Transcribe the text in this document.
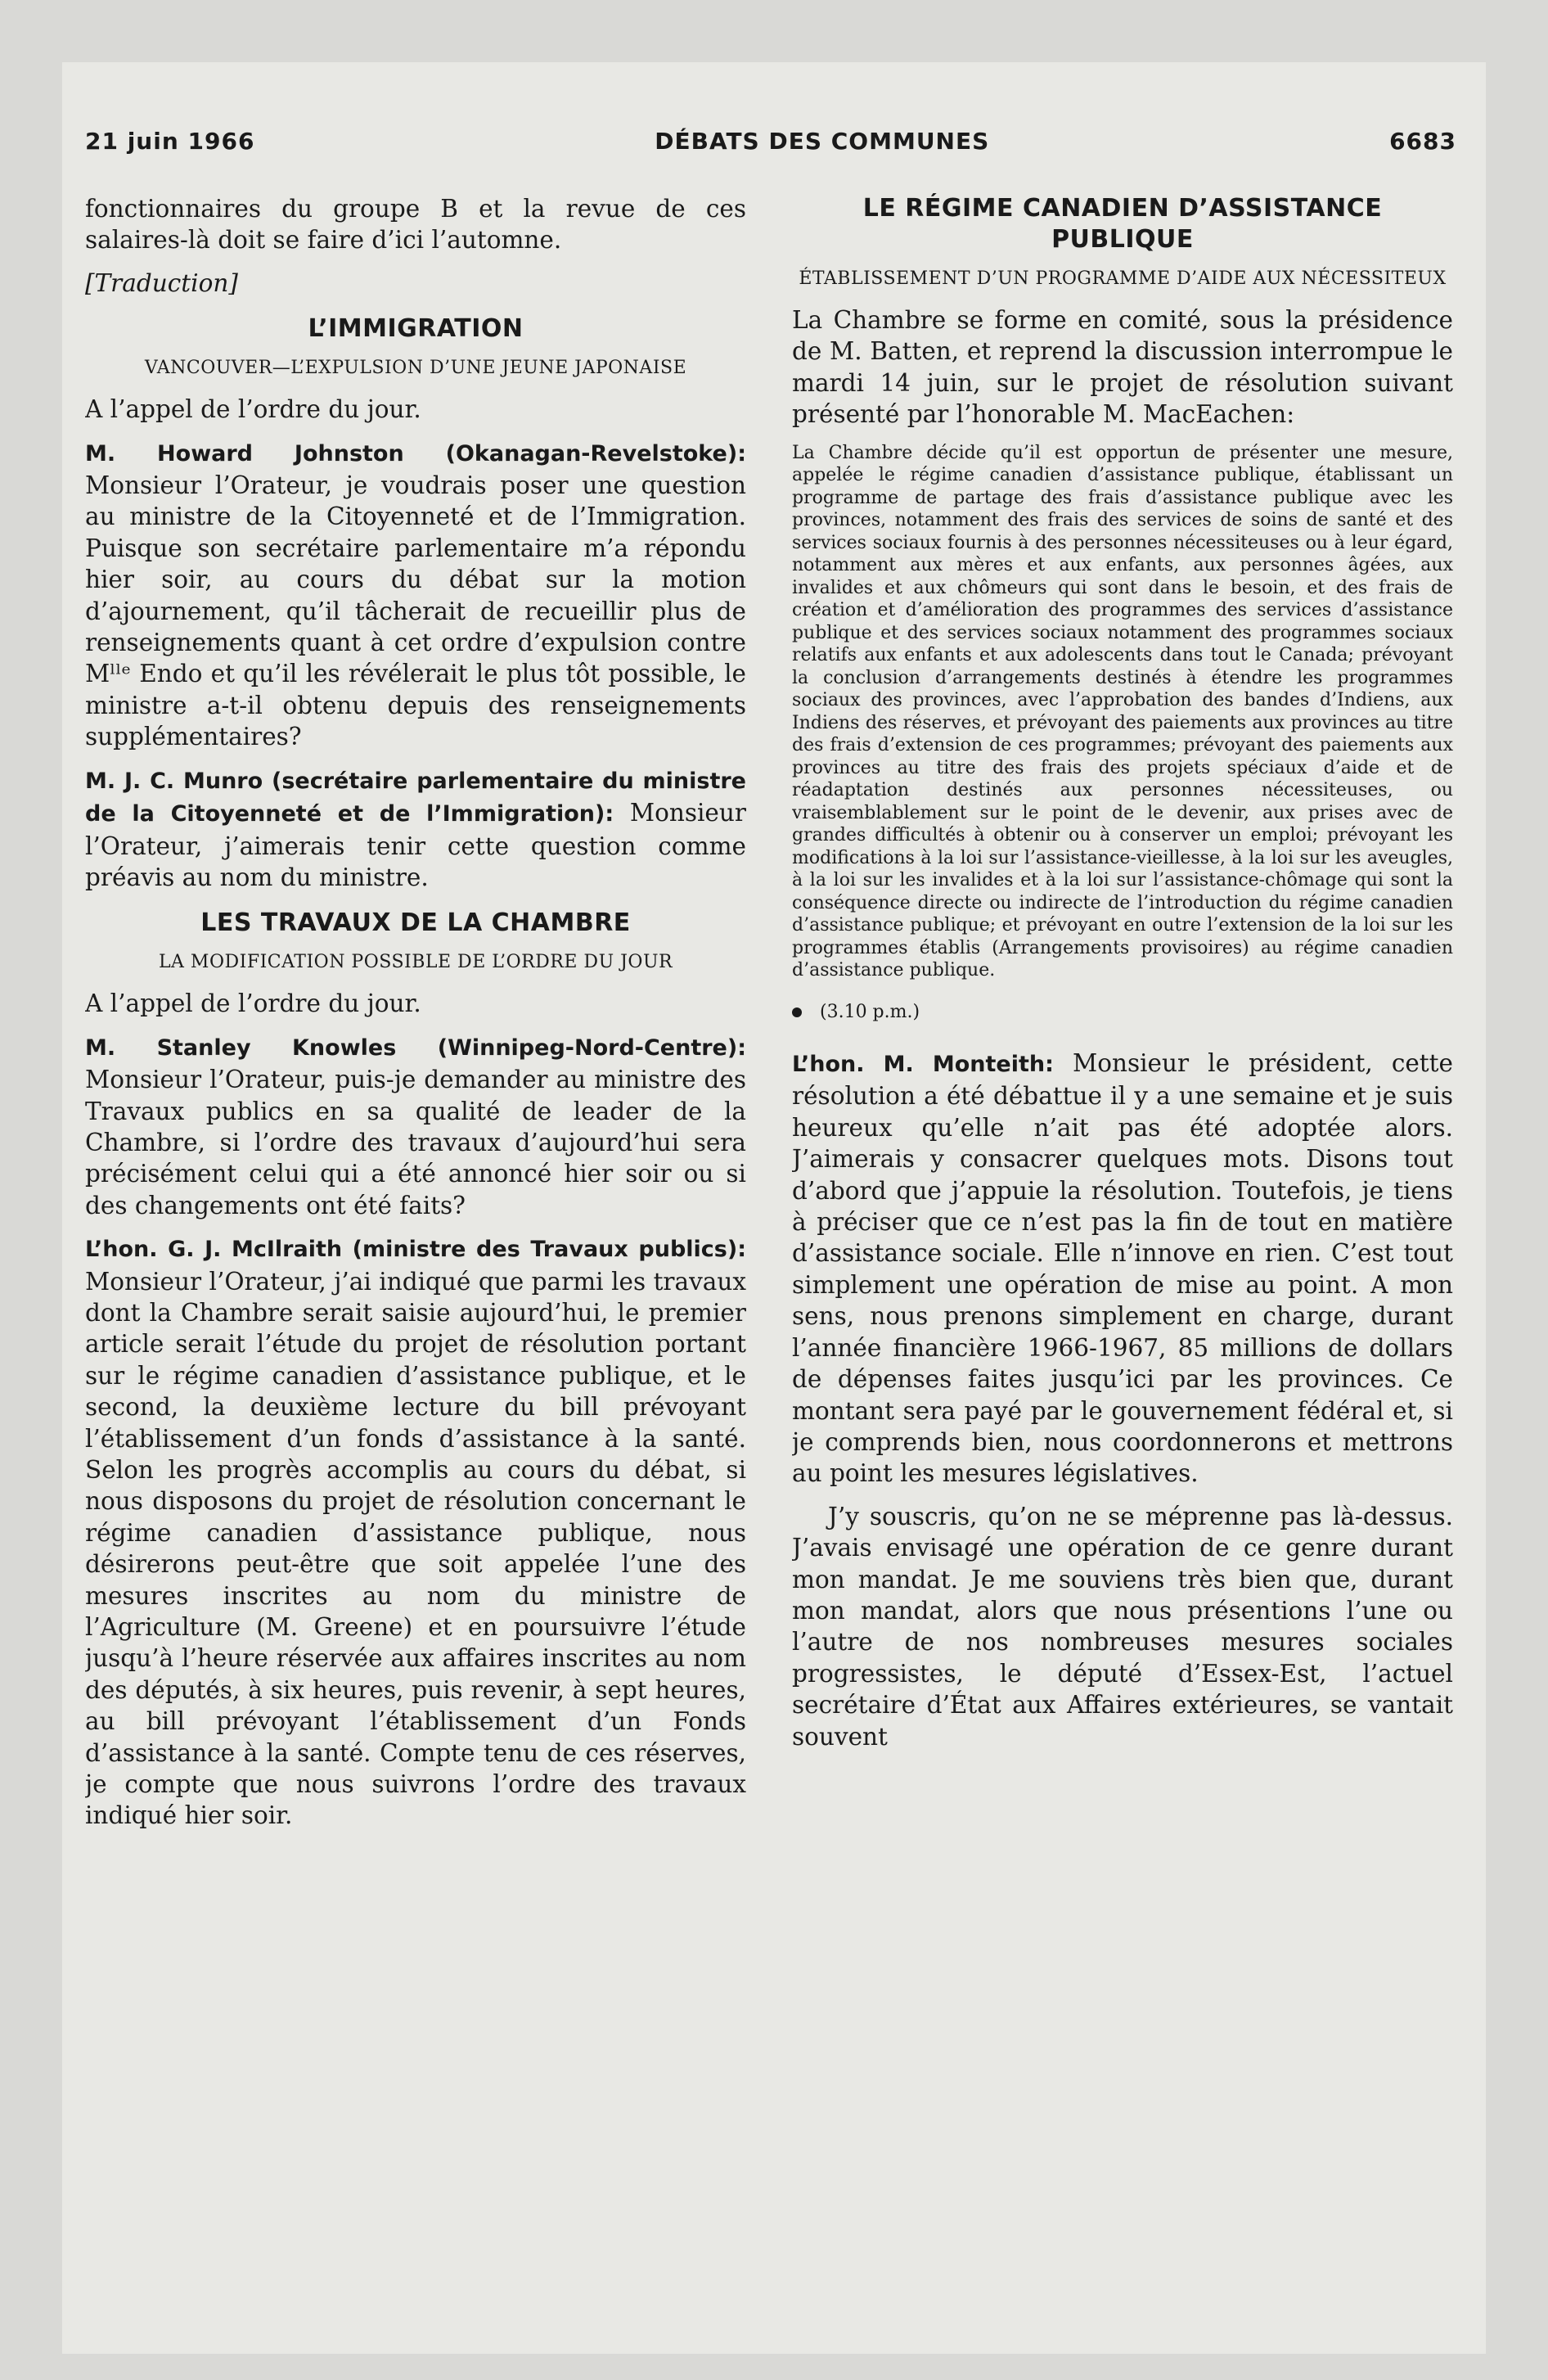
21 juin 1966	DÉBATS DES COMMUNES	6683

fonctionnaires du groupe B et la revue de ces salaires-là doit se faire d’ici l’automne.

[Traduction]
L’IMMIGRATION
VANCOUVER—L’EXPULSION D’UNE JEUNE JAPONAISE

A l’appel de l’ordre du jour.

M. Howard Johnston (Okanagan-Revelstoke): Monsieur l’Orateur, je voudrais poser une question au ministre de la Citoyenneté et de l’Immigration. Puisque son secrétaire parlementaire m’a répondu hier soir, au cours du débat sur la motion d’ajournement, qu’il tâcherait de recueillir plus de renseignements quant à cet ordre d’expulsion contre Mˡˡᵉ Endo et qu’il les révélerait le plus tôt possible, le ministre a-t-il obtenu depuis des renseignements supplémentaires?

M. J. C. Munro (secrétaire parlementaire du ministre de la Citoyenneté et de l’Immigration): Monsieur l’Orateur, j’aimerais tenir cette question comme préavis au nom du ministre.

LES TRAVAUX DE LA CHAMBRE
LA MODIFICATION POSSIBLE DE L’ORDRE DU JOUR

A l’appel de l’ordre du jour.

M. Stanley Knowles (Winnipeg-Nord-Centre): Monsieur l’Orateur, puis-je demander au ministre des Travaux publics en sa qualité de leader de la Chambre, si l’ordre des travaux d’aujourd’hui sera précisément celui qui a été annoncé hier soir ou si des changements ont été faits?

L’hon. G. J. McIlraith (ministre des Travaux publics): Monsieur l’Orateur, j’ai indiqué que parmi les travaux dont la Chambre serait saisie aujourd’hui, le premier article serait l’étude du projet de résolution portant sur le régime canadien d’assistance publique, et le second, la deuxième lecture du bill prévoyant l’établissement d’un fonds d’assistance à la santé. Selon les progrès accomplis au cours du débat, si nous disposons du projet de résolution concernant le régime canadien d’assistance publique, nous désirerons peut-être que soit appelée l’une des mesures inscrites au nom du ministre de l’Agriculture (M. Greene) et en poursuivre l’étude jusqu’à l’heure réservée aux affaires inscrites au nom des députés, à six heures, puis revenir, à sept heures, au bill prévoyant l’établissement d’un Fonds d’assistance à la santé. Compte tenu de ces réserves, je compte que nous suivrons l’ordre des travaux indiqué hier soir.

LE RÉGIME CANADIEN D’ASSISTANCE PUBLIQUE
ÉTABLISSEMENT D’UN PROGRAMME D’AIDE AUX NÉCESSITEUX

La Chambre se forme en comité, sous la présidence de M. Batten, et reprend la discussion interrompue le mardi 14 juin, sur le projet de résolution suivant présenté par l’honorable M. MacEachen:

La Chambre décide qu’il est opportun de présenter une mesure, appelée le régime canadien d’assistance publique, établissant un programme de partage des frais d’assistance publique avec les provinces, notamment des frais des services de soins de santé et des services sociaux fournis à des personnes nécessiteuses ou à leur égard, notamment aux mères et aux enfants, aux personnes âgées, aux invalides et aux chômeurs qui sont dans le besoin, et des frais de création et d’amélioration des programmes des services d’assistance publique et des services sociaux notamment des programmes sociaux relatifs aux enfants et aux adolescents dans tout le Canada; prévoyant la conclusion d’arrangements destinés à étendre les programmes sociaux des provinces, avec l’approbation des bandes d’Indiens, aux Indiens des réserves, et prévoyant des paiements aux provinces au titre des frais d’extension de ces programmes; prévoyant des paiements aux provinces au titre des frais des projets spéciaux d’aide et de réadaptation destinés aux personnes nécessiteuses, ou vraisemblablement sur le point de le devenir, aux prises avec de grandes difficultés à obtenir ou à conserver un emploi; prévoyant les modifications à la loi sur l’assistance-vieillesse, à la loi sur les aveugles, à la loi sur les invalides et à la loi sur l’assistance-chômage qui sont la conséquence directe ou indirecte de l’introduction du régime canadien d’assistance publique; et prévoyant en outre l’extension de la loi sur les programmes établis (Arrangements provisoires) au régime canadien d’assistance publique.
(3.10 p.m.)

L’hon. M. Monteith: Monsieur le président, cette résolution a été débattue il y a une semaine et je suis heureux qu’elle n’ait pas été adoptée alors. J’aimerais y consacrer quelques mots. Disons tout d’abord que j’appuie la résolution. Toutefois, je tiens à préciser que ce n’est pas la fin de tout en matière d’assistance sociale. Elle n’innove en rien. C’est tout simplement une opération de mise au point. A mon sens, nous prenons simplement en charge, durant l’année financière 1966-1967, 85 millions de dollars de dépenses faites jusqu’ici par les provinces. Ce montant sera payé par le gouvernement fédéral et, si je comprends bien, nous coordonnerons et mettrons au point les mesures législatives.

J’y souscris, qu’on ne se méprenne pas là-dessus. J’avais envisagé une opération de ce genre durant mon mandat. Je me souviens très bien que, durant mon mandat, alors que nous présentions l’une ou l’autre de nos nombreuses mesures sociales progressistes, le député d’Essex-Est, l’actuel secrétaire d’État aux Affaires extérieures, se vantait souvent
